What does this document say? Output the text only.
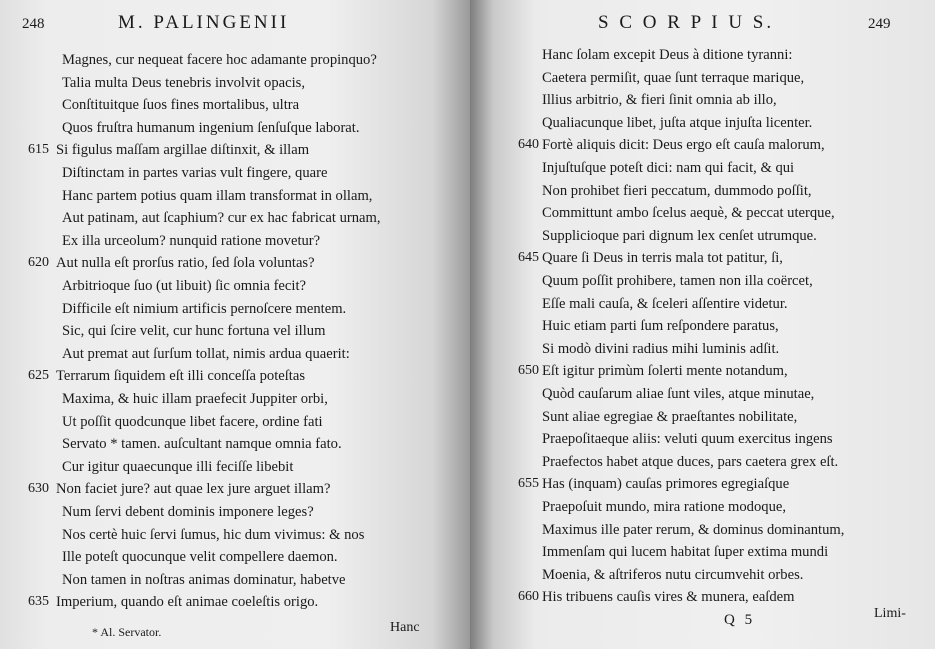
248	M. PALINGENII
Magnes, cur nequeat facere hoc adamante propinquo?
Talia multa Deus tenebris involvit opacis,
Conſtituitque ſuos fines mortalibus, ultra
Quos fruſtra humanum ingenium ſenſuſque laborat.
Si figulus maſſam argillae diſtinxit, & illam
615
Diſtinctam in partes varias vult fingere, quare
Hanc partem potius quam illam transformat in ollam,
Aut patinam, aut ſcaphium? cur ex hac fabricat urnam,
Ex illa urceolum? nunquid ratione movetur?
Aut nulla eſt prorſus ratio, ſed ſola voluntas?
620
Arbitrioque ſuo (ut libuit) ſic omnia fecit?
Difficile eſt nimium artificis pernoſcere mentem.
Sic, qui ſcire velit, cur hunc fortuna vel illum
Aut premat aut ſurſum tollat, nimis ardua quaerit:
Terrarum ſiquidem eſt illi conceſſa poteſtas
625
Maxima, & huic illam praefecit Juppiter orbi,
Ut poſſit quodcunque libet facere, ordine fati
Servato * tamen. auſcultant namque omnia fato.
Cur igitur quaecunque illi feciſſe libebit
Non faciet jure? aut quae lex jure arguet illam?
630
Num ſervi debent dominis imponere leges?
Nos certè huic ſervi ſumus, hic dum vivimus: & nos
Ille poteſt quocunque velit compellere daemon.
Non tamen in noſtras animas dominatur, habetve
Imperium, quando eſt animae coeleſtis origo.
635
* Al. Servator.	Hanc
S C O R P I U S.	249
Hanc ſolam excepit Deus à ditione tyranni:
Caetera permiſit, quae ſunt terraque marique,
Illius arbitrio, & fieri ſinit omnia ab illo,
Qualiacunque libet, juſta atque injuſta licenter.
Fortè aliquis dicit: Deus ergo eſt cauſa malorum,
640
Injuſtuſque poteſt dici: nam qui facit, & qui
Non prohibet fieri peccatum, dummodo poſſit,
Committunt ambo ſcelus aequè, & peccat uterque,
Supplicioque pari dignum lex cenſet utrumque.
Quare ſi Deus in terris mala tot patitur, ſi,
645
Quum poſſit prohibere, tamen non illa coërcet,
Eſſe mali cauſa, & ſceleri aſſentire videtur.
Huic etiam parti ſum reſpondere paratus,
Si modò divini radius mihi luminis adſit.
Eſt igitur primùm ſolerti mente notandum,
650
Quòd cauſarum aliae ſunt viles, atque minutae,
Sunt aliae egregiae & praeſtantes nobilitate,
Praepoſitaeque aliis: veluti quum exercitus ingens
Praefectos habet atque duces, pars caetera grex eſt.
Has (inquam) cauſas primores egregiaſque
655
Praepoſuit mundo, mira ratione modoque,
Maximus ille pater rerum, & dominus dominantum,
Immenſam qui lucem habitat ſuper extima mundi
Moenia, & aſtriferos nutu circumvehit orbes.
His tribuens cauſis vires & munera, eaſdem
660
Q 5	Limi-
